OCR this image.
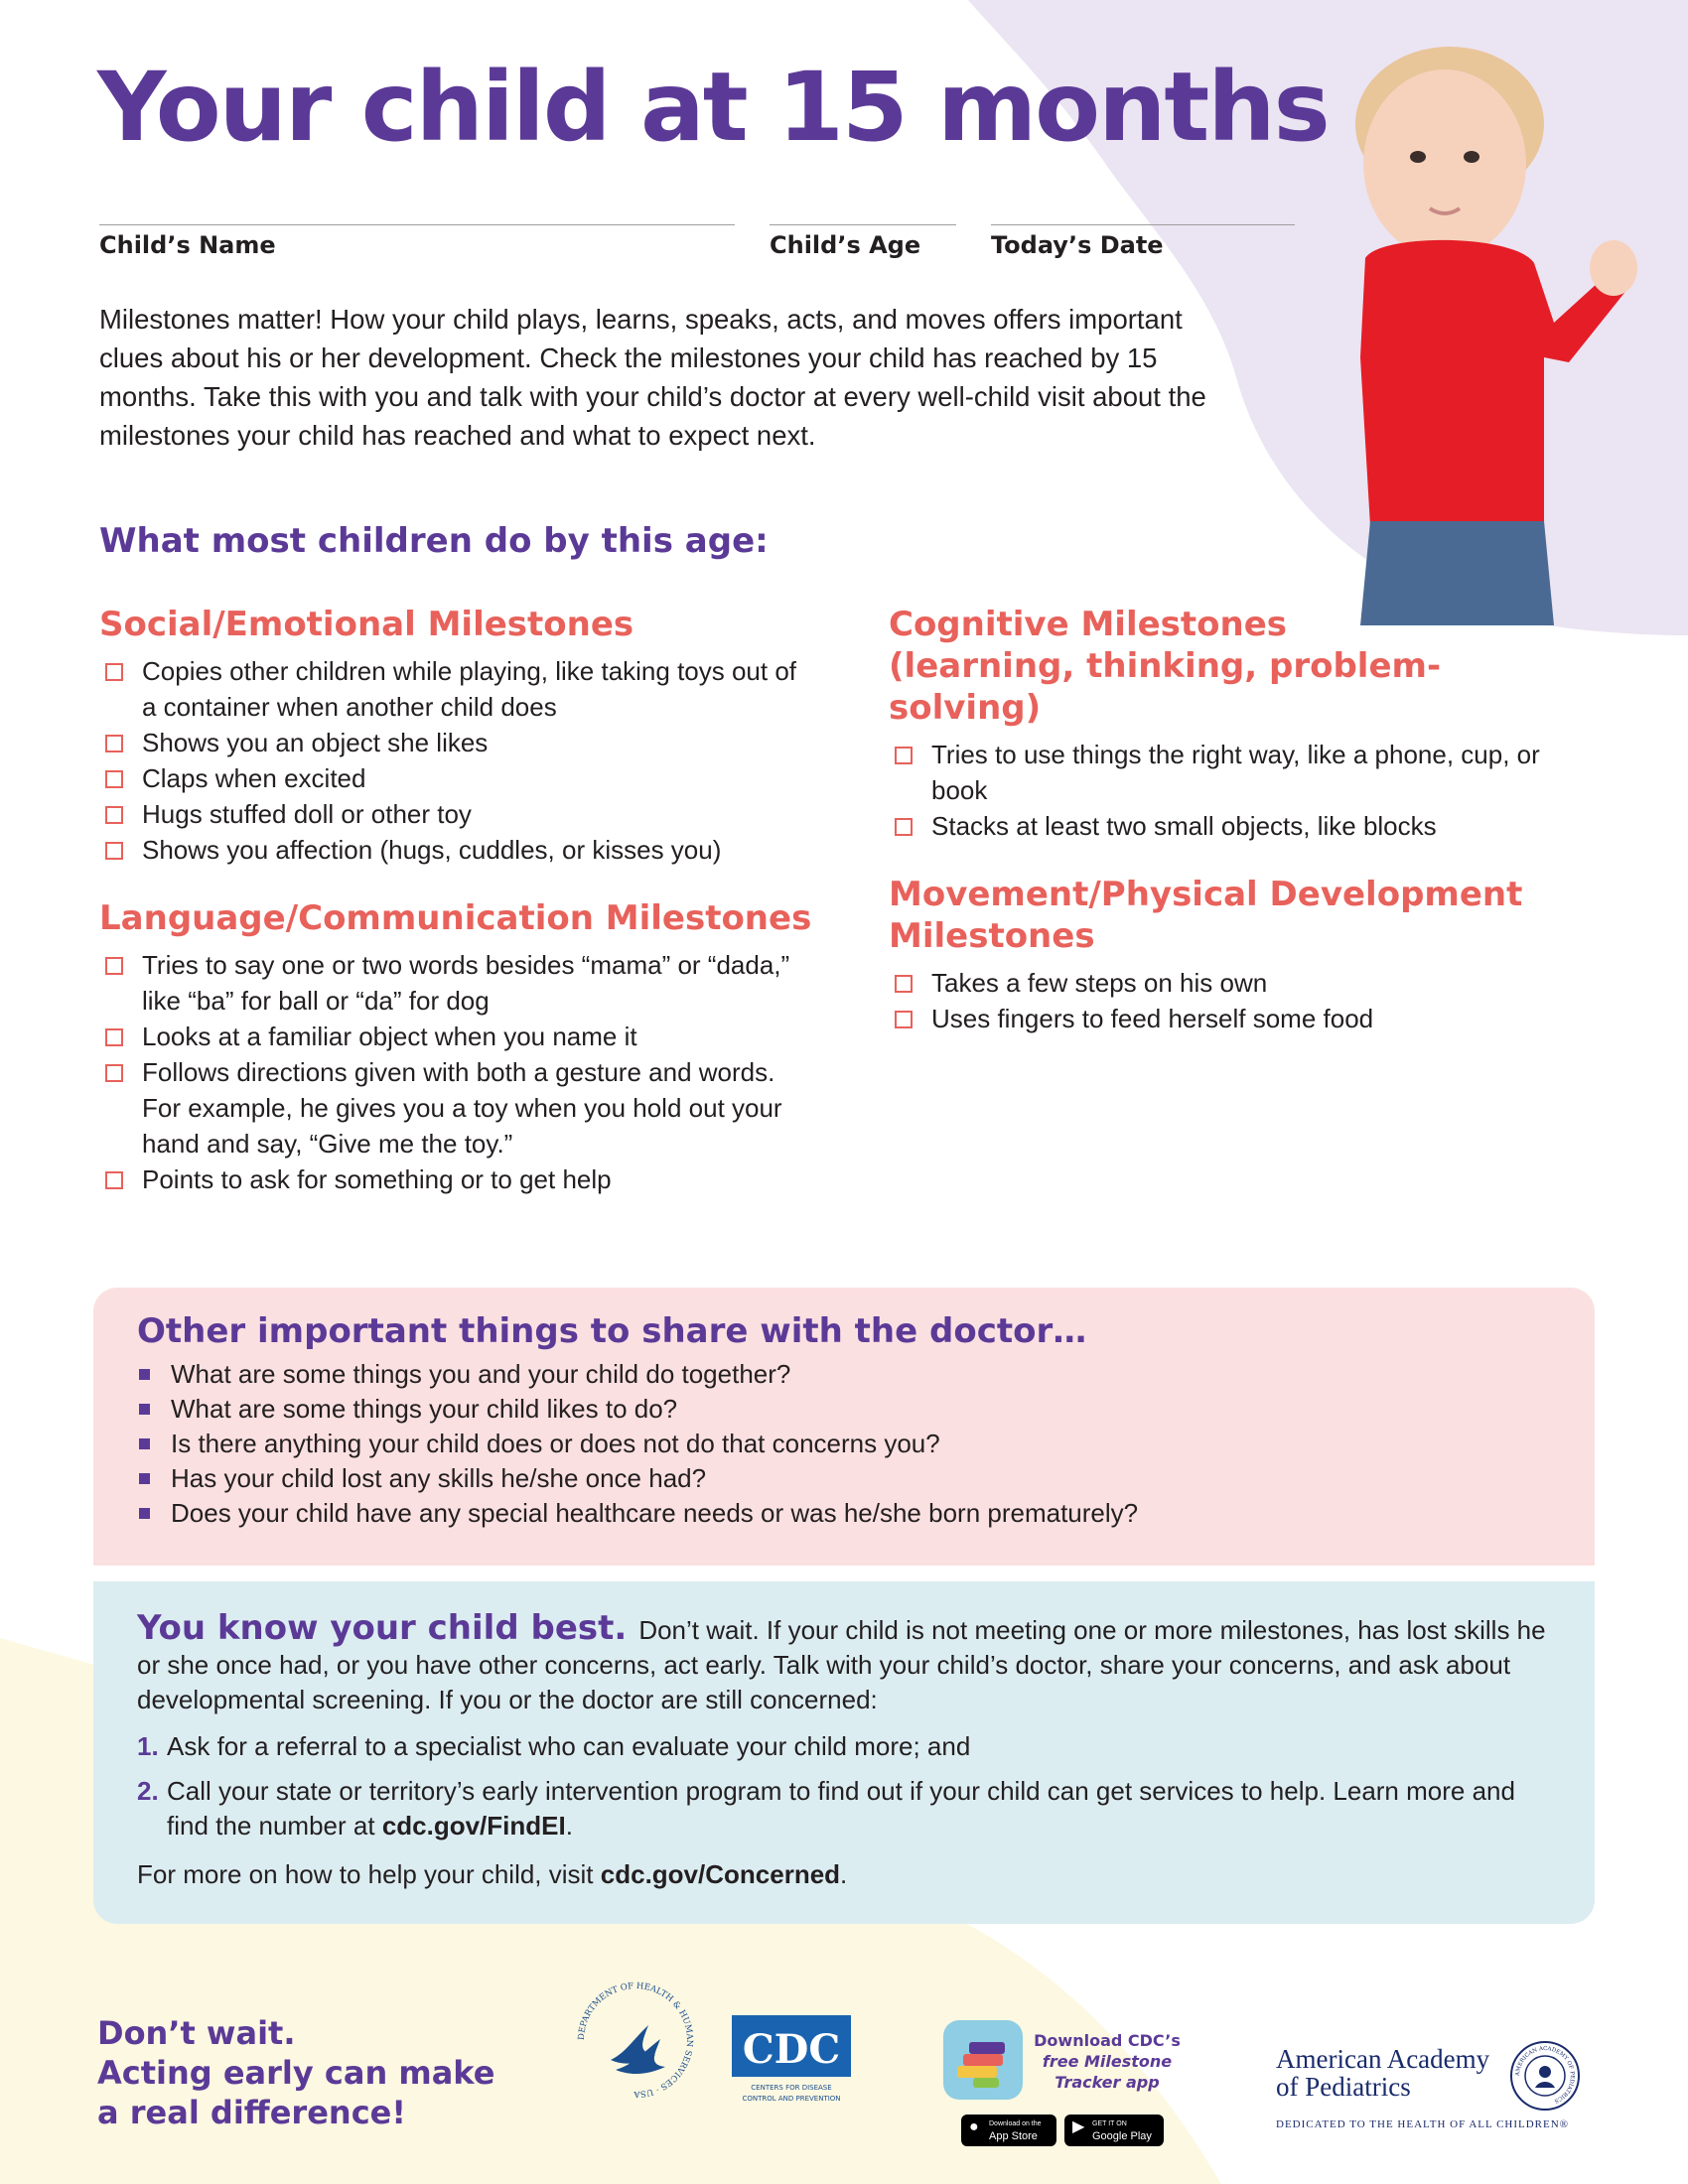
Your child at 15 months
Child’s Name	Child’s Age	Today’s Date

Milestones matter! How your child plays, learns, speaks, acts, and moves offers important clues about his or her development. Check the milestones your child has reached by 15 months. Take this with you and talk with your child’s doctor at every well-child visit about the milestones your child has reached and what to expect next.

What most children do by this age:
Social/Emotional Milestones
Copies other children while playing, like taking toys out of a container when another child does
Shows you an object she likes
Claps when excited
Hugs stuffed doll or other toy
Shows you affection (hugs, cuddles, or kisses you)
Language/Communication Milestones
Tries to say one or two words besides “mama” or “dada,” like “ba” for ball or “da” for dog
Looks at a familiar object when you name it
Follows directions given with both a gesture and words. For example, he gives you a toy when you hold out your hand and say, “Give me the toy.”
Points to ask for something or to get help
Cognitive Milestones
(learning, thinking, problem-solving)
Tries to use things the right way, like a phone, cup, or book
Stacks at least two small objects, like blocks
Movement/Physical Development
Milestones
Takes a few steps on his own
Uses fingers to feed herself some food
Other important things to share with the doctor…
What are some things you and your child do together?
What are some things your child likes to do?
Is there anything your child does or does not do that concerns you?
Has your child lost any skills he/she once had?
Does your child have any special healthcare needs or was he/she born prematurely?

You know your child best. Don’t wait. If your child is not meeting one or more milestones, has lost skills he or she once had, or you have other concerns, act early. Talk with your child’s doctor, share your concerns, and ask about developmental screening. If you or the doctor are still concerned:

1. Ask for a referral to a specialist who can evaluate your child more; and
2. Call your state or territory’s early intervention program to find out if your child can get services to help. Learn more and find the number at cdc.gov/FindEI.

For more on how to help your child, visit cdc.gov/Concerned.

Don’t wait.
Acting early can make
a real difference!
DEPARTMENT OF HEALTH & HUMAN SERVICES · USA
CDC
CENTERS FOR DISEASE
CONTROL AND PREVENTION
Download CDC’s
free Milestone
Tracker app
● Download on the
App Store
▶ GET IT ON
Google Play
American Academy
of Pediatrics
DEDICATED TO THE HEALTH OF ALL CHILDREN®
AMERICAN ACADEMY OF PEDIATRICS
